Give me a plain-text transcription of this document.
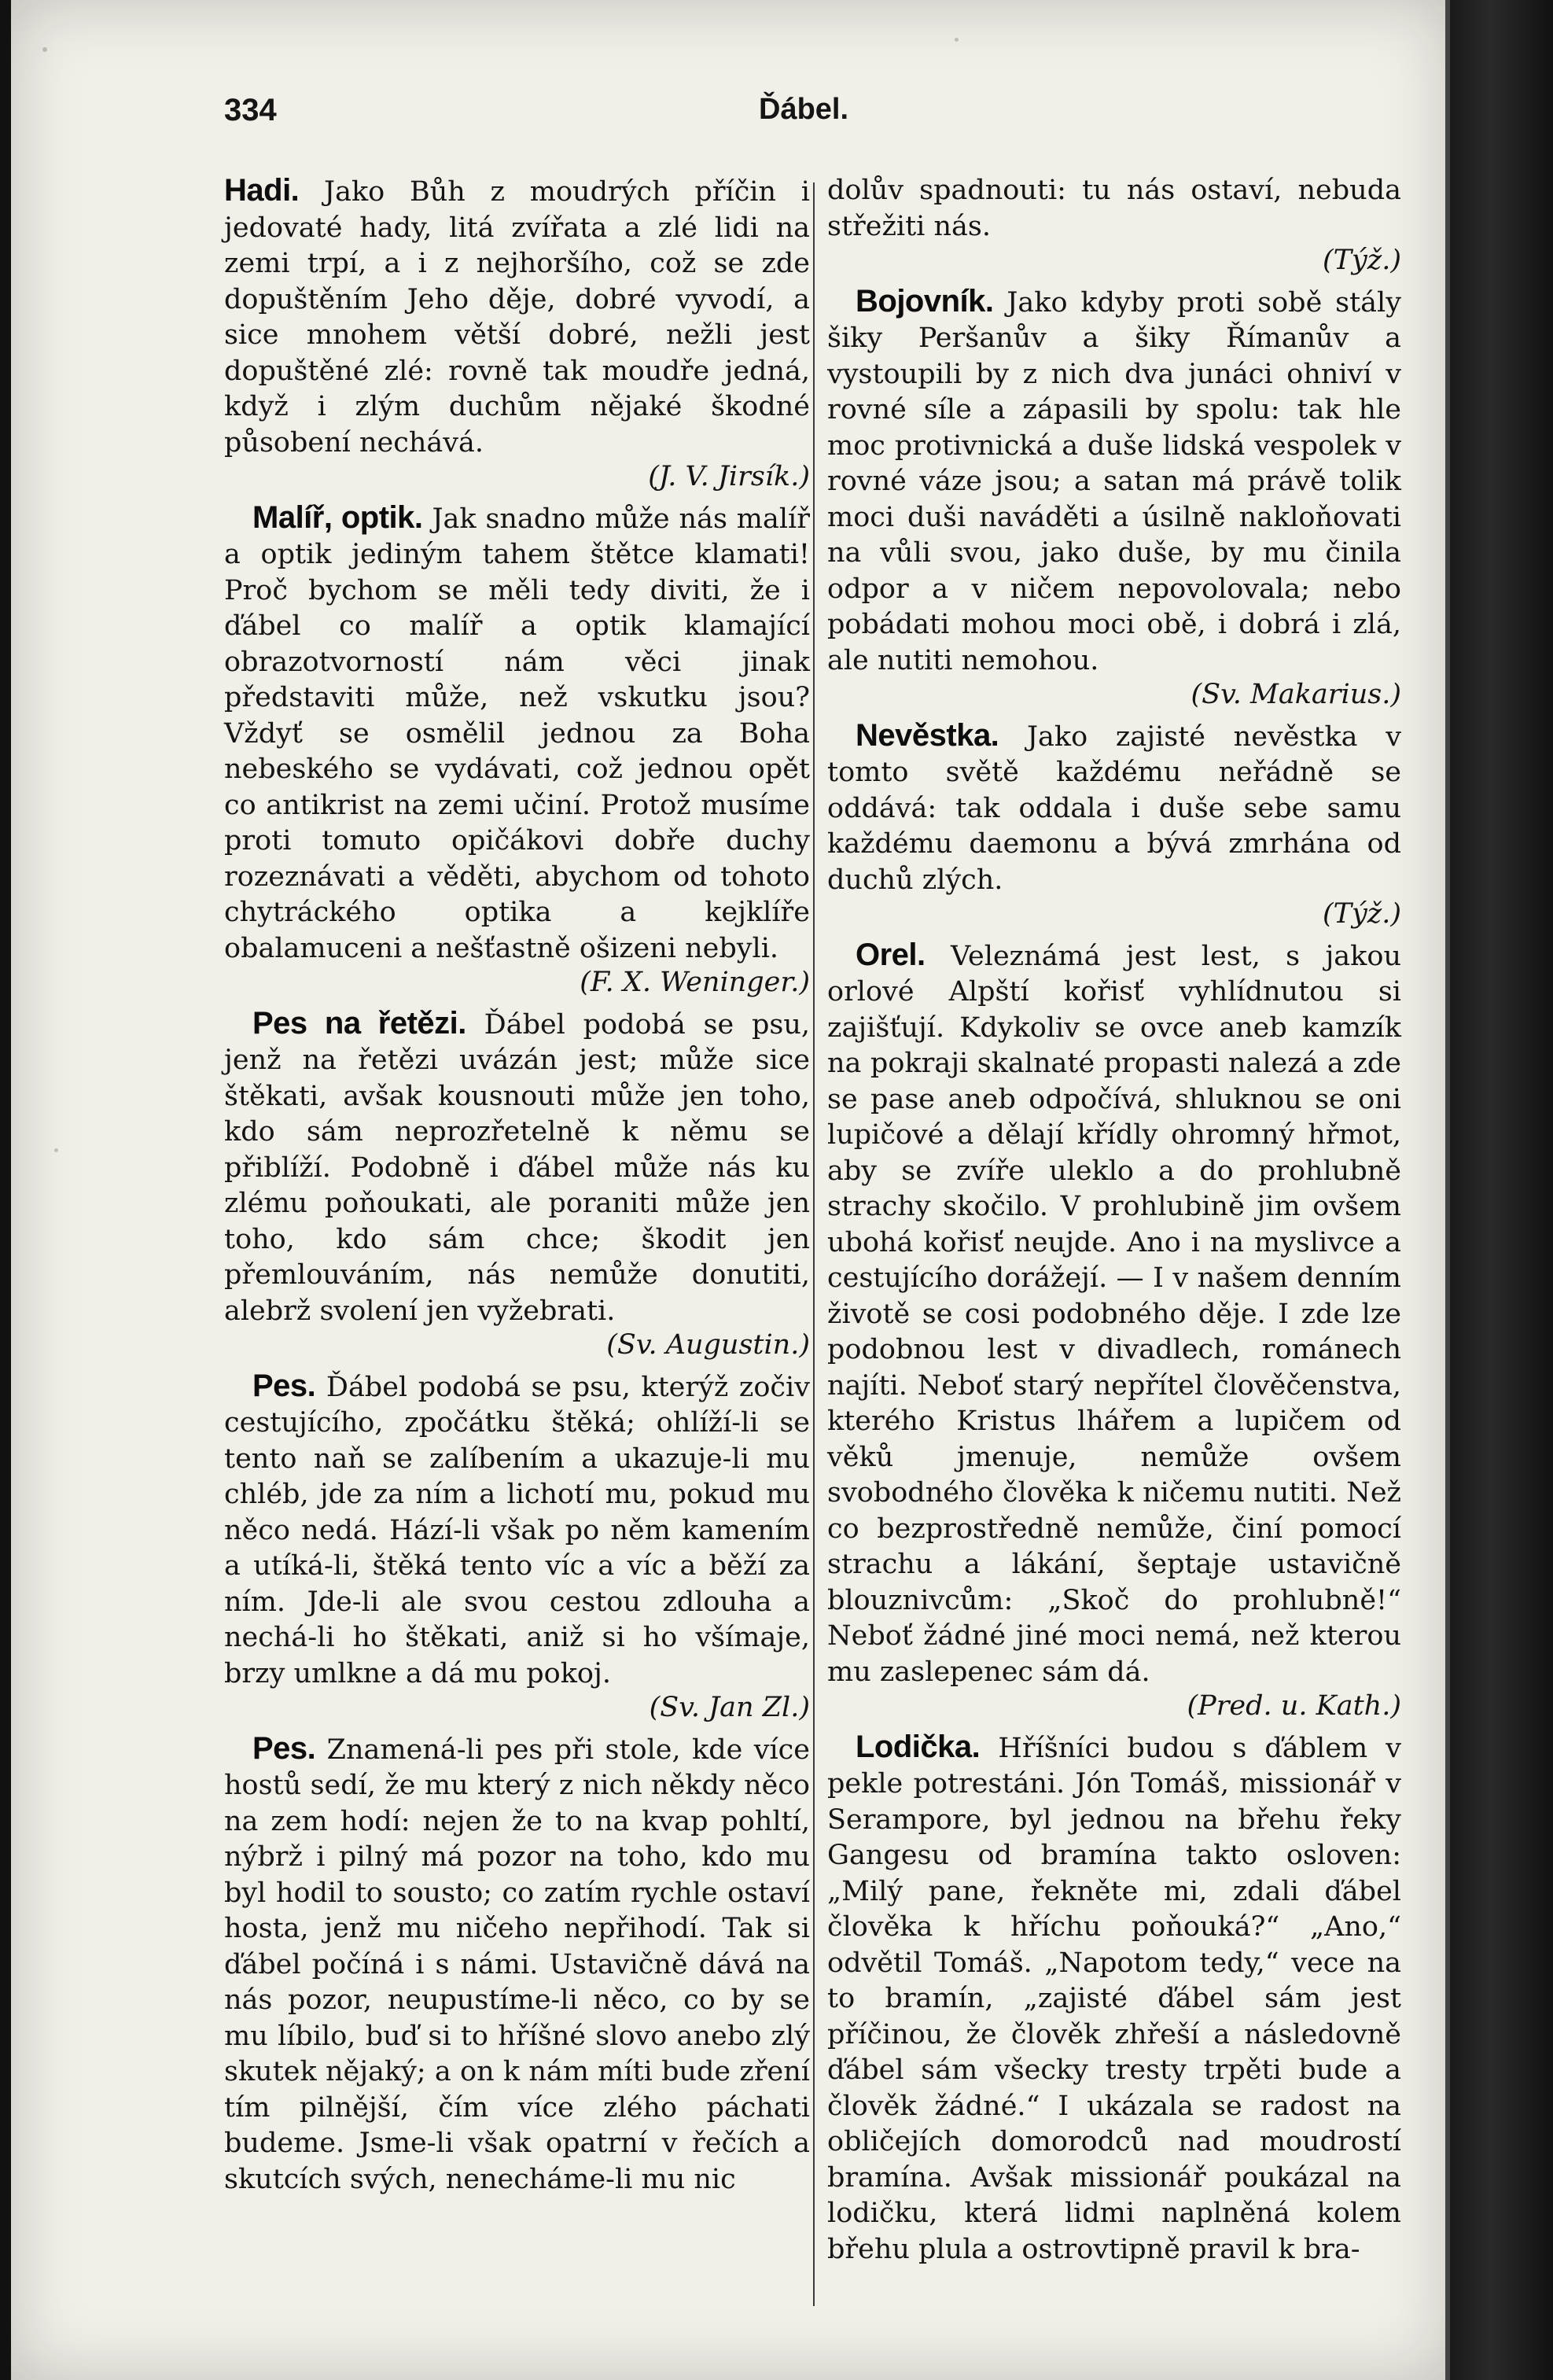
334	Ďábel.

Hadi. Jako Bůh z moudrých příčin i jedovaté hady, litá zvířata a zlé lidi na zemi trpí, a i z nejhoršího, což se zde dopuštěním Jeho děje, dobré vyvodí, a sice mnohem větší dobré, nežli jest dopuštěné zlé: rovně tak moudře jedná, když i zlým duchům nějaké škodné působení nechává.
(J. V. Jirsík.)

Malíř, optik. Jak snadno může nás malíř a optik jediným tahem štětce klamati! Proč bychom se měli tedy diviti, že i ďábel co malíř a optik klamající obrazotvorností nám věci jinak představiti může, než vskutku jsou? Vždyť se osmělil jednou za Boha nebeského se vydávati, což jednou opět co antikrist na zemi učiní. Protož musíme proti tomuto opičákovi dobře duchy rozeznávati a věděti, abychom od tohoto chytráckého optika a kejklíře obalamuceni a nešťastně ošizeni nebyli.
(F. X. Weninger.)

Pes na řetězi. Ďábel podobá se psu, jenž na řetězi uvázán jest; může sice štěkati, avšak kousnouti může jen toho, kdo sám neprozřetelně k němu se přiblíží. Podobně i ďábel může nás ku zlému poňoukati, ale poraniti může jen toho, kdo sám chce; škodit jen přemlouváním, nás nemůže donutiti, alebrž svolení jen vyžebrati.
(Sv. Augustin.)

Pes. Ďábel podobá se psu, kterýž zočiv cestujícího, zpočátku štěká; ohlíží-li se tento naň se zalíbením a ukazuje-li mu chléb, jde za ním a lichotí mu, pokud mu něco nedá. Hází-li však po něm kamením a utíká-li, štěká tento víc a víc a běží za ním. Jde-li ale svou cestou zdlouha a nechá-li ho štěkati, aniž si ho všímaje, brzy umlkne a dá mu pokoj.
(Sv. Jan Zl.)

Pes. Znamená-li pes při stole, kde více hostů sedí, že mu který z nich někdy něco na zem hodí: nejen že to na kvap pohltí, nýbrž i pilný má pozor na toho, kdo mu byl hodil to sousto; co zatím rychle ostaví hosta, jenž mu ničeho nepřihodí. Tak si ďábel počíná i s námi. Ustavičně dává na nás pozor, neupustíme-li něco, co by se mu líbilo, buď si to hříšné slovo anebo zlý skutek nějaký; a on k nám míti bude zření tím pilnější, čím více zlého páchati budeme. Jsme-li však opatrní v řečích a skutcích svých, nenecháme-li mu nic

dolův spadnouti: tu nás ostaví, nebuda střežiti nás.
(Týž.)

Bojovník. Jako kdyby proti sobě stály šiky Peršanův a šiky Římanův a vystoupili by z nich dva junáci ohniví v rovné síle a zápasili by spolu: tak hle moc protivnická a duše lidská vespolek v rovné váze jsou; a satan má právě tolik moci duši naváděti a úsilně nakloňovati na vůli svou, jako duše, by mu činila odpor a v ničem nepovolovala; nebo pobádati mohou moci obě, i dobrá i zlá, ale nutiti nemohou.
(Sv. Makarius.)

Nevěstka. Jako zajisté nevěstka v tomto světě každému neřádně se oddává: tak oddala i duše sebe samu každému daemonu a bývá zmrhána od duchů zlých.
(Týž.)

Orel. Veleznámá jest lest, s jakou orlové Alpští kořisť vyhlídnutou si zajišťují. Kdykoliv se ovce aneb kamzík na pokraji skalnaté propasti nalezá a zde se pase aneb odpočívá, shluknou se oni lupičové a dělají křídly ohromný hřmot, aby se zvíře uleklo a do prohlubně strachy skočilo. V prohlubině jim ovšem ubohá kořisť neujde. Ano i na myslivce a cestujícího dorážejí. — I v našem denním životě se cosi podobného děje. I zde lze podobnou lest v divadlech, románech najíti. Neboť starý nepřítel člověčenstva, kterého Kristus lhářem a lupičem od věků jmenuje, nemůže ovšem svobodného člověka k ničemu nutiti. Než co bezprostředně nemůže, činí pomocí strachu a lákání, šeptaje ustavičně blouznivcům: „Skoč do prohlubně!“ Neboť žádné jiné moci nemá, než kterou mu zaslepenec sám dá.
(Pred. u. Kath.)

Lodička. Hříšníci budou s ďáblem v pekle potrestáni. Jón Tomáš, missionář v Serampore, byl jednou na břehu řeky Gangesu od bramína takto osloven: „Milý pane, řekněte mi, zdali ďábel člověka k hříchu poňouká?“ „Ano,“ odvětil Tomáš. „Napotom tedy,“ vece na to bramín, „zajisté ďábel sám jest příčinou, že člověk zhřeší a následovně ďábel sám všecky tresty trpěti bude a člověk žádné.“ I ukázala se radost na obličejích domorodců nad moudrostí bramína. Avšak missionář poukázal na lodičku, která lidmi naplněná kolem břehu plula a ostrovtipně pravil k bra-
